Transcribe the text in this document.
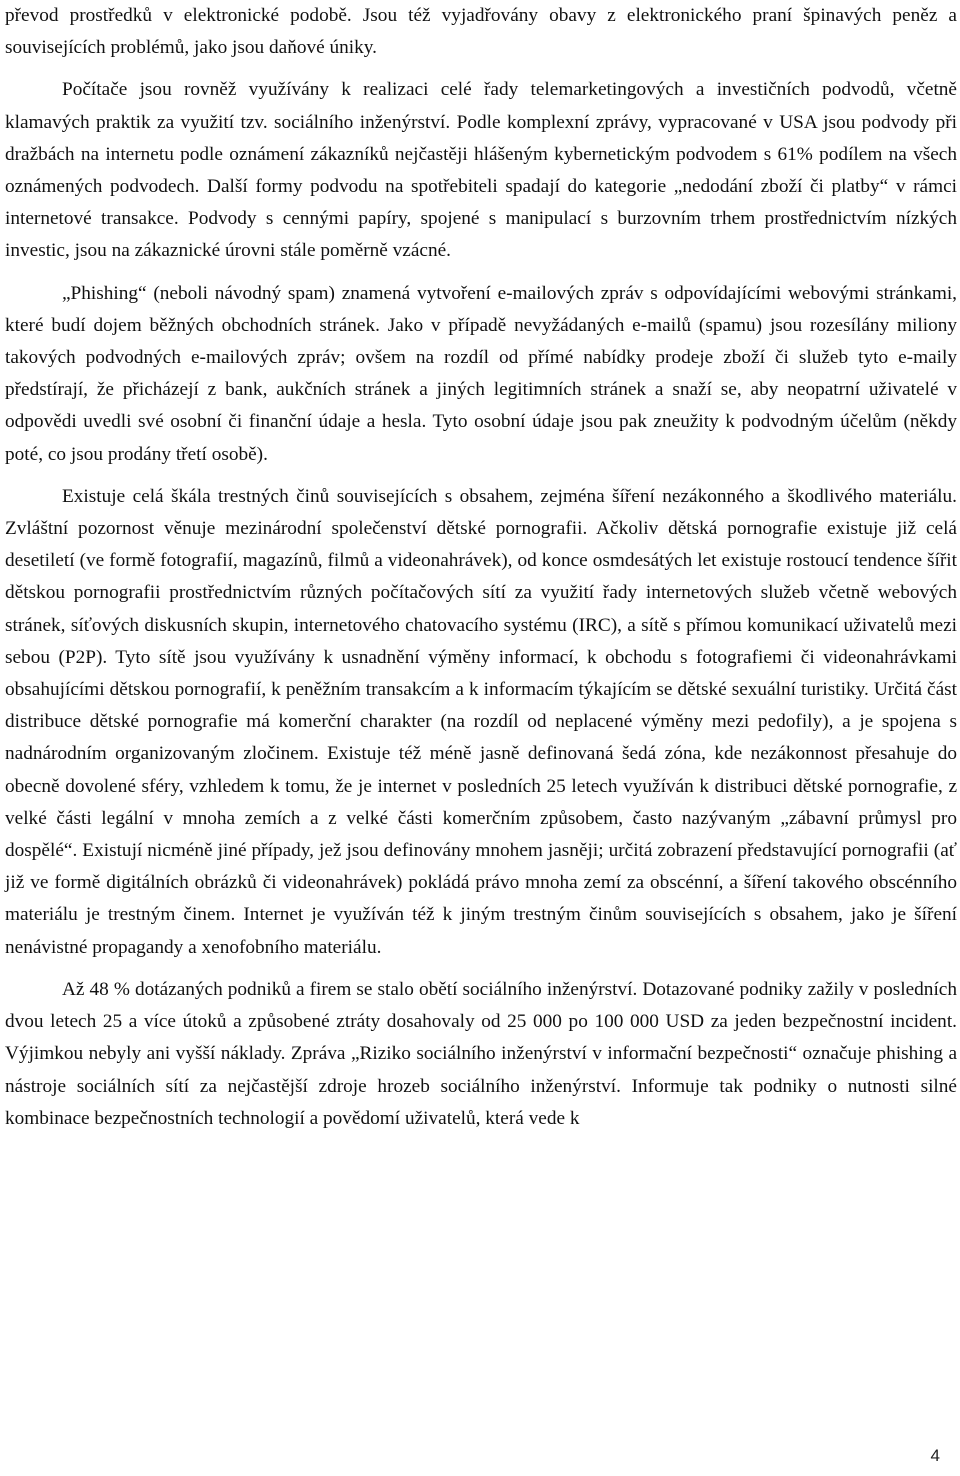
převod prostředků v elektronické podobě. Jsou též vyjadřovány obavy z elektronického praní špinavých peněz a souvisejících problémů, jako jsou daňové úniky.

Počítače jsou rovněž využívány k realizaci celé řady telemarketingových a investičních podvodů, včetně klamavých praktik za využití tzv. sociálního inženýrství. Podle komplexní zprávy, vypracované v USA jsou podvody při dražbách na internetu podle oznámení zákazníků nejčastěji hlášeným kybernetickým podvodem s 61% podílem na všech oznámených podvodech. Další formy podvodu na spotřebiteli spadají do kategorie „nedodání zboží či platby“ v rámci internetové transakce. Podvody s cennými papíry, spojené s manipulací s burzovním trhem prostřednictvím nízkých investic, jsou na zákaznické úrovni stále poměrně vzácné.

„Phishing“ (neboli návodný spam) znamená vytvoření e-mailových zpráv s odpovídajícími webovými stránkami, které budí dojem běžných obchodních stránek. Jako v případě nevyžádaných e-mailů (spamu) jsou rozesílány miliony takových podvodných e-mailových zpráv; ovšem na rozdíl od přímé nabídky prodeje zboží či služeb tyto e-maily předstírají, že přicházejí z bank, aukčních stránek a jiných legitimních stránek a snaží se, aby neopatrní uživatelé v odpovědi uvedli své osobní či finanční údaje a hesla. Tyto osobní údaje jsou pak zneužity k podvodným účelům (někdy poté, co jsou prodány třetí osobě).

Existuje celá škála trestných činů souvisejících s obsahem, zejména šíření nezákonného a škodlivého materiálu. Zvláštní pozornost věnuje mezinárodní společenství dětské pornografii. Ačkoliv dětská pornografie existuje již celá desetiletí (ve formě fotografií, magazínů, filmů a videonahrávek), od konce osmdesátých let existuje rostoucí tendence šířit dětskou pornografii prostřednictvím různých počítačových sítí za využití řady internetových služeb včetně webových stránek, síťových diskusních skupin, internetového chatovacího systému (IRC), a sítě s přímou komunikací uživatelů mezi sebou (P2P). Tyto sítě jsou využívány k usnadnění výměny informací, k obchodu s fotografiemi či videonahrávkami obsahujícími dětskou pornografií, k peněžním transakcím a k informacím týkajícím se dětské sexuální turistiky. Určitá část distribuce dětské pornografie má komerční charakter (na rozdíl od neplacené výměny mezi pedofily), a je spojena s nadnárodním organizovaným zločinem. Existuje též méně jasně definovaná šedá zóna, kde nezákonnost přesahuje do obecně dovolené sféry, vzhledem k tomu, že je internet v posledních 25 letech využíván k distribuci dětské pornografie, z velké části legální v mnoha zemích a z velké části komerčním způsobem, často nazývaným „zábavní průmysl pro dospělé“. Existují nicméně jiné případy, jež jsou definovány mnohem jasněji; určitá zobrazení představující pornografii (ať již ve formě digitálních obrázků či videonahrávek) pokládá právo mnoha zemí za obscénní, a šíření takového obscénního materiálu je trestným činem. Internet je využíván též k jiným trestným činům souvisejících s obsahem, jako je šíření nenávistné propagandy a xenofobního materiálu.

Až 48 % dotázaných podniků a firem se stalo obětí sociálního inženýrství. Dotazované podniky zažily v posledních dvou letech 25 a více útoků a způsobené ztráty dosahovaly od 25 000 po 100 000 USD za jeden bezpečnostní incident. Výjimkou nebyly ani vyšší náklady. Zpráva „Riziko sociálního inženýrství v informační bezpečnosti“ označuje phishing a nástroje sociálních sítí za nejčastější zdroje hrozeb sociálního inženýrství. Informuje tak podniky o nutnosti silné kombinace bezpečnostních technologií a povědomí uživatelů, která vede k

4
